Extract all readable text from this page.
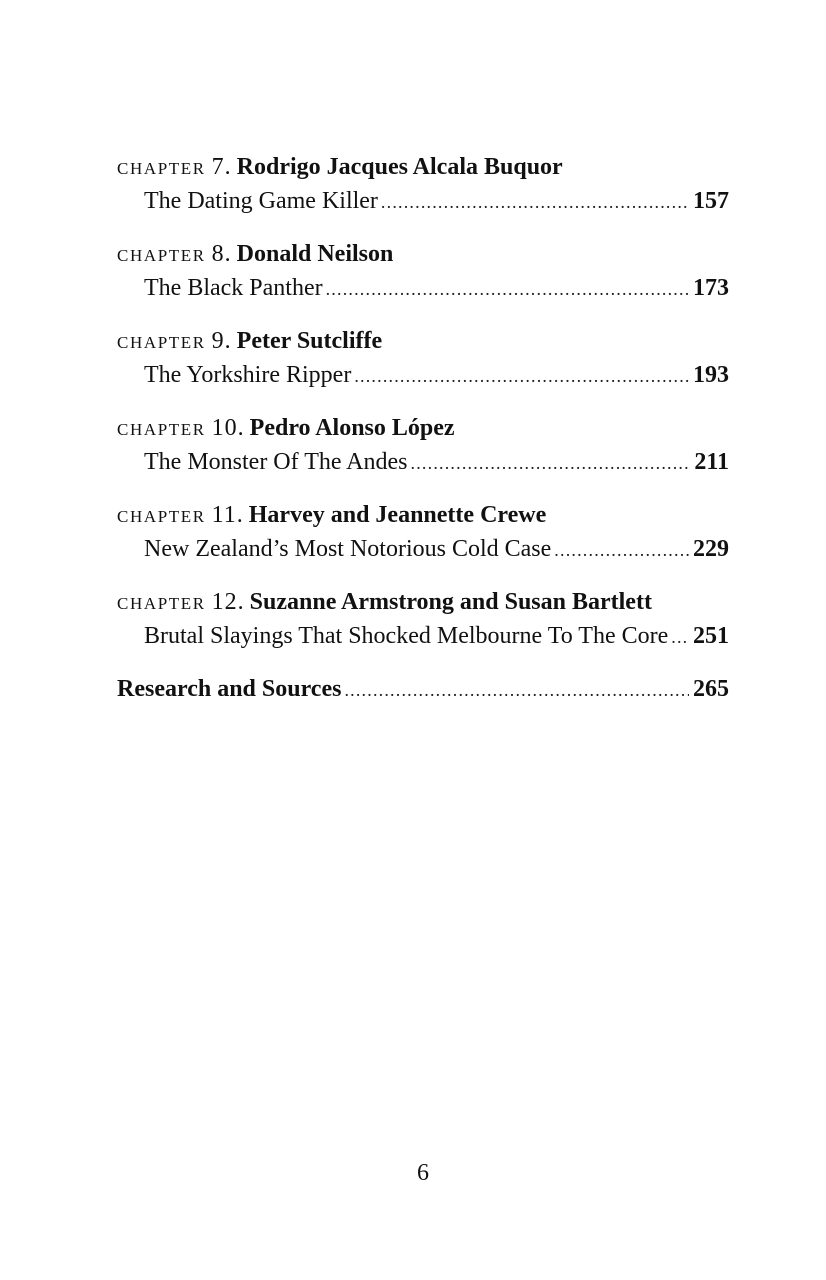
chapter 7. Rodrigo Jacques Alcala Buquor
The Dating Game Killer .....	157
chapter 8. Donald Neilson
The Black Panther .....	173
chapter 9. Peter Sutcliffe
The Yorkshire Ripper .....	193
chapter 10. Pedro Alonso López
The Monster Of The Andes .....	211
chapter 11. Harvey and Jeannette Crewe
New Zealand’s Most Notorious Cold Case .....	229
chapter 12. Suzanne Armstrong and Susan Bartlett
Brutal Slayings That Shocked Melbourne To The Core ..... 251
Research and Sources .....	265
6
